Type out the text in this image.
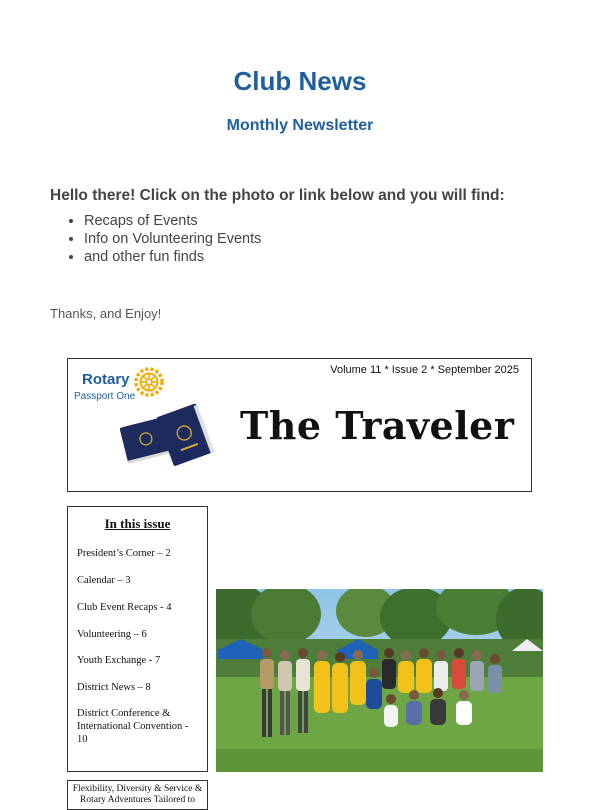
Club News
Monthly Newsletter
Hello there! Click on the photo or link below and you will find:
• Recaps of Events
• Info on Volunteering Events
• and other fun finds
Thanks, and Enjoy!
Rotary
Passport One
Volume 11 * Issue 2 * September 2025
The Traveler
In this issue
President’s Corner – 2
Calendar – 3
Club Event Recaps - 4
Volunteering – 6
Youth Exchange - 7
District News – 8
District Conference & International Convention - 10
Flexibility, Diversity & Service & Rotary Adventures Tailored to
